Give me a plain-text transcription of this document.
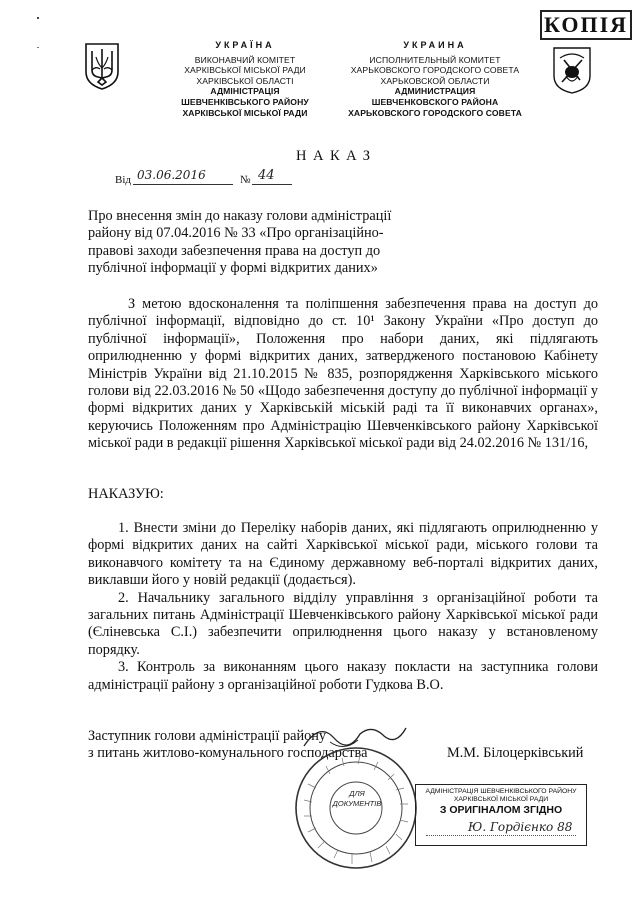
КОПІЯ
УКРАЇНА
ВИКОНАВЧИЙ КОМІТЕТ
ХАРКІВСЬКОЇ МІСЬКОЇ РАДИ
ХАРКІВСЬКОЇ ОБЛАСТІ
АДМІНІСТРАЦІЯ
ШЕВЧЕНКІВСЬКОГО РАЙОНУ
ХАРКІВСЬКОЇ МІСЬКОЇ РАДИ
УКРАИНА
ИСПОЛНИТЕЛЬНЫЙ КОМИТЕТ
ХАРЬКОВСКОГО ГОРОДСКОГО СОВЕТА
ХАРЬКОВСКОЙ ОБЛАСТИ
АДМИНИСТРАЦИЯ
ШЕВЧЕНКОВСКОГО РАЙОНА
ХАРЬКОВСКОГО ГОРОДСКОГО СОВЕТА
НАКАЗ
Від 03.06.2016	№ 44
Про внесення змін до наказу голови адміністрації
району від 07.04.2016 № 33 «Про організаційно-
правові заходи забезпечення права на доступ до
публічної інформації у формі відкритих даних»

З метою вдосконалення та поліпшення забезпечення права на доступ до публічної інформації, відповідно до ст. 10¹ Закону України «Про доступ до публічної інформації», Положення про набори даних, які підлягають оприлюдненню у формі відкритих даних, затвердженого постановою Кабінету Міністрів України від 21.10.2015 № 835, розпорядження Харківського міського голови від 22.03.2016 № 50 «Щодо забезпечення доступу до публічної інформації у формі відкритих даних у Харківській міській раді та її виконавчих органах», керуючись Положенням про Адміністрацію Шевченківського району Харківської міської ради в редакції рішення Харківської міської ради від 24.02.2016 № 131/16,

НАКАЗУЮ:

1. Внести зміни до Переліку наборів даних, які підлягають оприлюдненню у формі відкритих даних на сайті Харківської міської ради, міського голови та виконавчого комітету та на Єдиному державному веб-порталі відкритих даних, виклавши його у новій редакції (додається).

2. Начальнику загального відділу управління з організаційної роботи та загальних питань Адміністрації Шевченківського району Харківської міської ради (Єліневська С.І.) забезпечити оприлюднення цього наказу у встановленому порядку.

3. Контроль за виконанням цього наказу покласти на заступника голови адміністрації району з організаційної роботи Гудкова В.О.

Заступник голови адміністрації району
з питань житлово-комунального господарства	М.М. Білоцерківський
ДЛЯ
ДОКУМЕНТІВ
АДМІНІСТРАЦІЯ ШЕВЧЕНКІВСЬКОГО РАЙОНУ
ХАРКІВСЬКОЇ МІСЬКОЇ РАДИ
З ОРИГІНАЛОМ ЗГІДНО
Ю. Гордієнко 88
